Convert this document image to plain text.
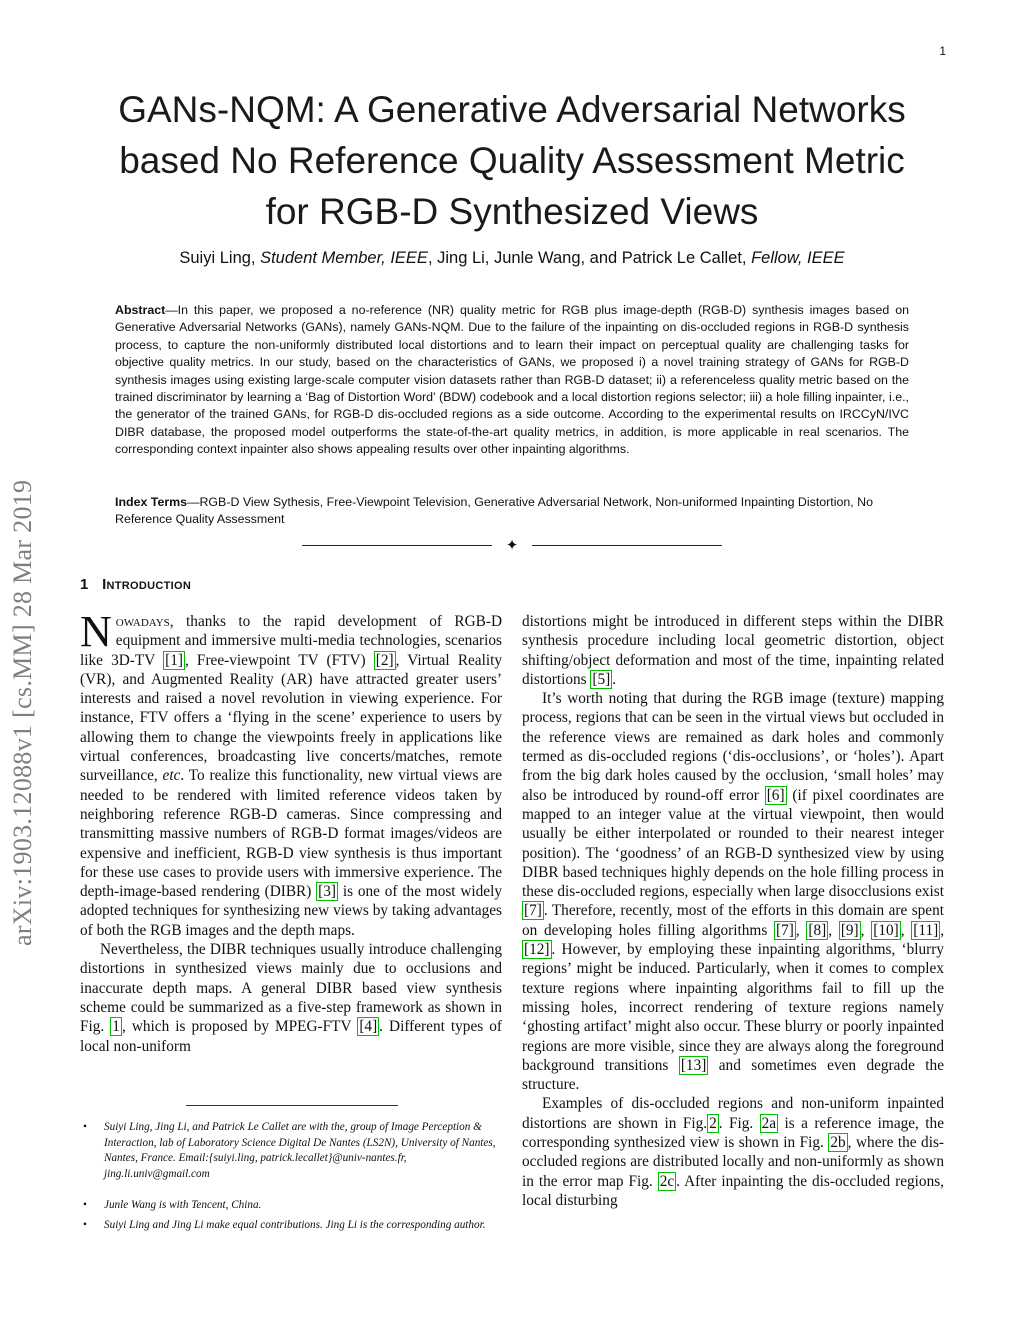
1
arXiv:1903.12088v1 [cs.MM] 28 Mar 2019
GANs-NQM: A Generative Adversarial Networks
based No Reference Quality Assessment Metric
for RGB-D Synthesized Views
Suiyi Ling, Student Member, IEEE, Jing Li, Junle Wang, and Patrick Le Callet, Fellow, IEEE
Abstract—In this paper, we proposed a no-reference (NR) quality metric for RGB plus image-depth (RGB-D) synthesis images based on Generative Adversarial Networks (GANs), namely GANs-NQM. Due to the failure of the inpainting on dis-occluded regions in RGB-D synthesis process, to capture the non-uniformly distributed local distortions and to learn their impact on perceptual quality are challenging tasks for objective quality metrics. In our study, based on the characteristics of GANs, we proposed i) a novel training strategy of GANs for RGB-D synthesis images using existing large-scale computer vision datasets rather than RGB-D dataset; ii) a referenceless quality metric based on the trained discriminator by learning a ‘Bag of Distortion Word’ (BDW) codebook and a local distortion regions selector; iii) a hole filling inpainter, i.e., the generator of the trained GANs, for RGB-D dis-occluded regions as a side outcome. According to the experimental results on IRCCyN/IVC DIBR database, the proposed model outperforms the state-of-the-art quality metrics, in addition, is more applicable in real scenarios. The corresponding context inpainter also shows appealing results over other inpainting algorithms.
Index Terms—RGB-D View Sythesis, Free-Viewpoint Television, Generative Adversarial Network, Non-uniformed Inpainting Distortion, No Reference Quality Assessment
✦
1 Introduction

Nowadays, thanks to the rapid development of RGB-D equipment and immersive multi-media technologies, scenarios like 3D-TV [1] , Free-viewpoint TV (FTV) [2] , Virtual Reality (VR), and Augmented Reality (AR) have attracted greater users’ interests and raised a novel revolution in viewing experience. For instance, FTV offers a ‘flying in the scene’ experience to users by allowing them to change the viewpoints freely in applications like virtual conferences, broadcasting live concerts/matches, remote surveillance, etc. To realize this functionality, new virtual views are needed to be rendered with limited reference videos taken by neighboring reference RGB-D cameras. Since compressing and transmitting massive numbers of RGB-D format images/videos are expensive and inefficient, RGB-D view synthesis is thus important for these use cases to provide users with immersive experience. The depth-image-based rendering (DIBR) [3] is one of the most widely adopted techniques for synthesizing new views by taking advantages of both the RGB images and the depth maps.

Nevertheless, the DIBR techniques usually introduce challenging distortions in synthesized views mainly due to occlusions and inaccurate depth maps. A general DIBR based view synthesis scheme could be summarized as a five-step framework as shown in Fig. 1 , which is proposed by MPEG-FTV [4] . Different types of local non-uniform

• Suiyi Ling, Jing Li, and Patrick Le Callet are with the, group of Image Perception & Interaction, lab of Laboratory Science Digital De Nantes (LS2N), University of Nantes, Nantes, France. Email:{suiyi.ling, patrick.lecallet}@univ-nantes.fr, jing.li.univ@gmail.com

• Junle Wang is with Tencent, China.

• Suiyi Ling and Jing Li make equal contributions. Jing Li is the corresponding author.

distortions might be introduced in different steps within the DIBR synthesis procedure including local geometric distortion, object shifting/object deformation and most of the time, inpainting related distortions [5] .

It’s worth noting that during the RGB image (texture) mapping process, regions that can be seen in the virtual views but occluded in the reference views are remained as dark holes and commonly termed as dis-occluded regions (‘dis-occlusions’, or ‘holes’). Apart from the big dark holes caused by the occlusion, ‘small holes’ may also be introduced by round-off error [6] (if pixel coordinates are mapped to an integer value at the virtual viewpoint, then would usually be either interpolated or rounded to their nearest integer position). The ‘goodness’ of an RGB-D synthesized view by using DIBR based techniques highly depends on the hole filling process in these dis-occluded regions, especially when large disocclusions exist [7] . Therefore, recently, most of the efforts in this domain are spent on developing holes filling algorithms [7] , [8] , [9] , [10] , [11] , [12] . However, by employing these inpainting algorithms, ‘blurry regions’ might be induced. Particularly, when it comes to complex texture regions where inpainting algorithms fail to fill up the missing holes, incorrect rendering of texture regions namely ‘ghosting artifact’ might also occur. These blurry or poorly inpainted regions are more visible, since they are always along the foreground background transitions [13] and sometimes even degrade the structure.

Examples of dis-occluded regions and non-uniform inpainted distortions are shown in Fig. 2 . Fig. 2a is a reference image, the corresponding synthesized view is shown in Fig. 2b , where the dis-occluded regions are distributed locally and non-uniformly as shown in the error map Fig. 2c . After inpainting the dis-occluded regions, local disturbing
